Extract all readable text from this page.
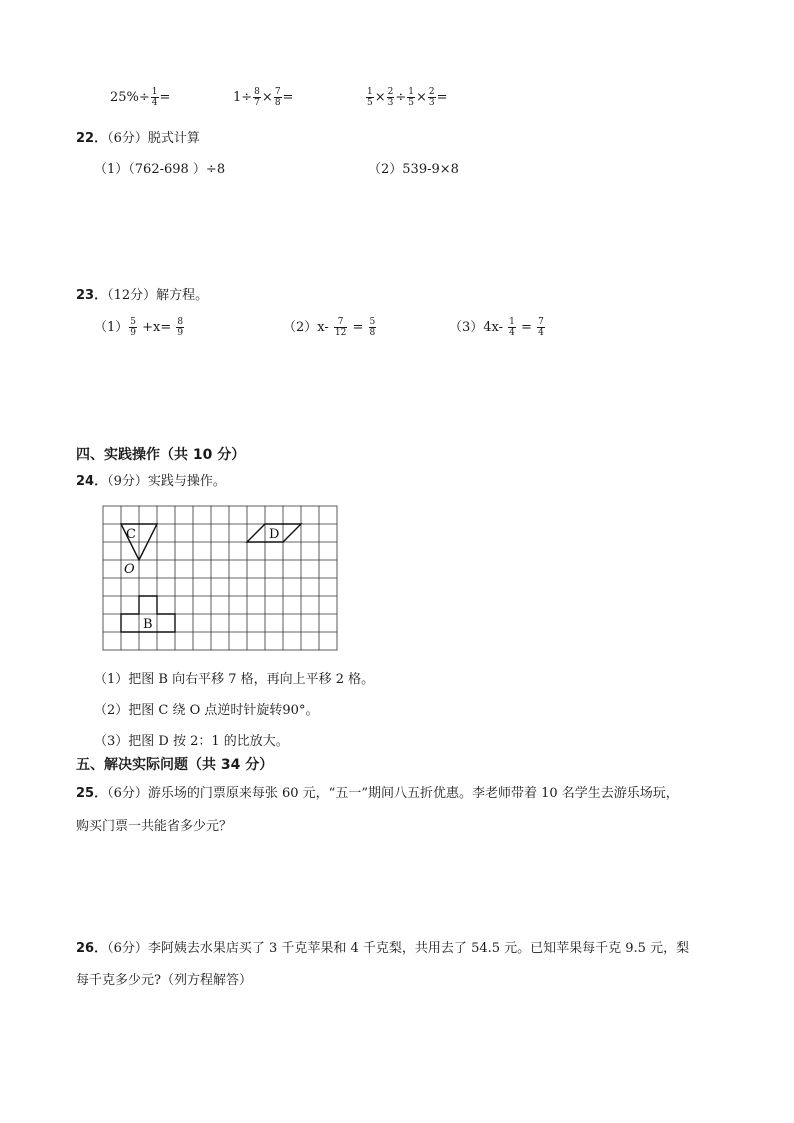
$25\%\div \frac{1}{4}$ =	$1\div \frac{8}{7} \times \frac{7}{8}$ =	$\frac{1}{5} \times \frac{2}{3} \div \frac{1}{5} \times \frac{2}{3}$ =
22．（6分）脱式计算
（1）（762-698 ）÷8	（2）539-9×8
23．（12分）解方程。
$(1) \frac{5}{9} +x= \frac{8}{9}$	$(2)x- \frac{7}{12} = \frac{5}{8}$	$(3)4x- \frac{1}{4} = \frac{7}{4}$
四、实践操作（共 10 分）
24．（9分）实践与操作。
C
O
D
B
（1）把图 B 向右平移 7 格，再向上平移 2 格。
（2）把图 C 绕 O 点逆时针旋转90°。
（3）把图 D 按 2：1 的比放大。
五、解决实际问题（共 34 分）
25．（6分）游乐场的门票原来每张 60 元，“五一”期间八五折优惠。李老师带着 10 名学生去游乐场玩，
购买门票一共能省多少元？
26．（6分）李阿姨去水果店买了 3 千克苹果和 4 千克梨，共用去了 54.5 元。已知苹果每千克 9.5 元，梨
每千克多少元?（列方程解答）
